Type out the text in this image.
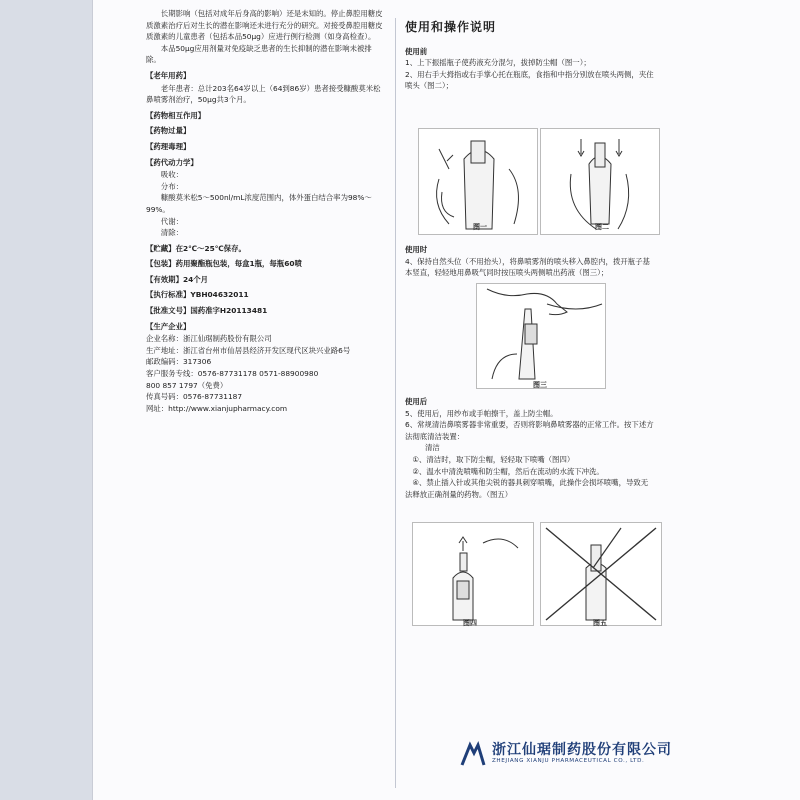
长期影响（包括对成年后身高的影响）还是未知的。停止鼻腔用糖皮质激素治疗后对生长的潜在影响还未进行充分的研究。对接受鼻腔用糖皮质激素的儿童患者（包括本品50μg）应进行例行检测（如身高检查）。

本品50μg应用剂量对免疫缺乏患者的生长抑制的潜在影响未被排除。

【老年用药】

老年患者：总计203名64岁以上（64到86岁）患者接受糠酸莫米松鼻喷雾剂治疗，50μg共3个月。

【药物相互作用】

【药物过量】

【药理毒理】

【药代动力学】

吸收：

分布：

糠酸莫米松5～500nl/mL浓度范围内，体外蛋白结合率为98%～99%。

代谢：

清除：

【贮藏】在2℃～25℃保存。
【包装】药用聚酯瓶包装，每盒1瓶，每瓶60喷
【有效期】24个月
【执行标准】YBH04632011
【批准文号】国药准字H20113481
【生产企业】
企业名称：浙江仙琚制药股份有限公司
生产地址：浙江省台州市仙居县经济开发区现代区块兴业路6号
邮政编码：317306
客户服务专线：0576-87731178 0571-88900980
800 857 1797（免费）
传真号码：0576-87731187
网址：http://www.xianjupharmacy.com
使用和操作说明
使用前

1、上下振摇瓶子使药液充分混匀，拔掉防尘帽（图一）；

2、用右手大拇指或右手掌心托在瓶底，食指和中指分别放在喷头两侧，夹住喷头（图二）；

图一	图二
使用时

4、保持自然头位（不用抬头），将鼻喷雾剂的喷头移入鼻腔内，拨开瓶子基本竖直，轻轻地用鼻吸气同时按压喷头两侧喷出药液（图三）；

图三
使用后

5、使用后，用纱布或手帕擦干，盖上防尘帽。

6、常规清洁鼻喷雾器非常重要，否则将影响鼻喷雾器的正常工作。按下述方法彻底清洁装置：

清洁

①、清洁时，取下防尘帽，轻轻取下喷嘴（图四）

②、温水中清洗喷嘴和防尘帽，然后在流动的水流下冲洗。

④、禁止插入针或其他尖锐的器具刺穿喷嘴，此操作会损坏喷嘴，导致无法释放正确剂量的药物。（图五）

图四	图五
浙江仙琚制药股份有限公司
ZHEJIANG XIANJU PHARMACEUTICAL CO., LTD.
